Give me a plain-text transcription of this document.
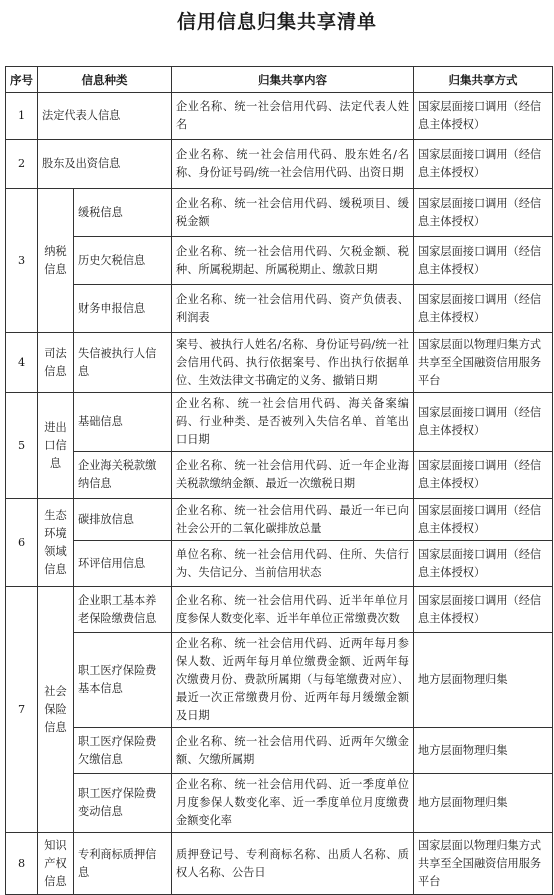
信用信息归集共享清单
序号	信息种类		归集共享内容	归集共享方式
1	法定代表人信息		企业名称、统一社会信用代码、法定代表人姓名	国家层面接口调用（经信息主体授权）
2	股东及出资信息		企业名称、统一社会信用代码、股东姓名/名称、身份证号码/统一社会信用代码、出资日期	国家层面接口调用（经信息主体授权）
3	纳税信息	缓税信息	企业名称、统一社会信用代码、缓税项目、缓税金额	国家层面接口调用（经信息主体授权）
		历史欠税信息	企业名称、统一社会信用代码、欠税金额、税种、所属税期起、所属税期止、缴款日期	国家层面接口调用（经信息主体授权）
		财务申报信息	企业名称、统一社会信用代码、资产负债表、利润表	国家层面接口调用（经信息主体授权）
4	司法信息	失信被执行人信息	案号、被执行人姓名/名称、身份证号码/统一社会信用代码、执行依据案号、作出执行依据单位、生效法律文书确定的义务、撤销日期	国家层面以物理归集方式共享至全国融资信用服务平台
5	进出口信息	基础信息	企业名称、统一社会信用代码、海关备案编码、行业种类、是否被列入失信名单、首笔出口日期	国家层面接口调用（经信息主体授权）
		企业海关税款缴纳信息	企业名称、统一社会信用代码、近一年企业海关税款缴纳金额、最近一次缴税日期	国家层面接口调用（经信息主体授权）
6	生态环境领域信息	碳排放信息	企业名称、统一社会信用代码、最近一年已向社会公开的二氧化碳排放总量	国家层面接口调用（经信息主体授权）
		环评信用信息	单位名称、统一社会信用代码、住所、失信行为、失信记分、当前信用状态	国家层面接口调用（经信息主体授权）
7	社会保险信息	企业职工基本养老保险缴费信息	企业名称、统一社会信用代码、近半年单位月度参保人数变化率、近半年单位正常缴费次数	国家层面接口调用（经信息主体授权）
		职工医疗保险费基本信息	企业名称、统一社会信用代码、近两年每月参保人数、近两年每月单位缴费金额、近两年每次缴费月份、费款所属期（与每笔缴费对应）、最近一次正常缴费月份、近两年每月缓缴金额及日期	地方层面物理归集
		职工医疗保险费欠缴信息	企业名称、统一社会信用代码、近两年欠缴金额、欠缴所属期	地方层面物理归集
		职工医疗保险费变动信息	企业名称、统一社会信用代码、近一季度单位月度参保人数变化率、近一季度单位月度缴费金额变化率	地方层面物理归集
8	知识产权信息	专利商标质押信息	质押登记号、专利商标名称、出质人名称、质权人名称、公告日	国家层面以物理归集方式共享至全国融资信用服务平台
